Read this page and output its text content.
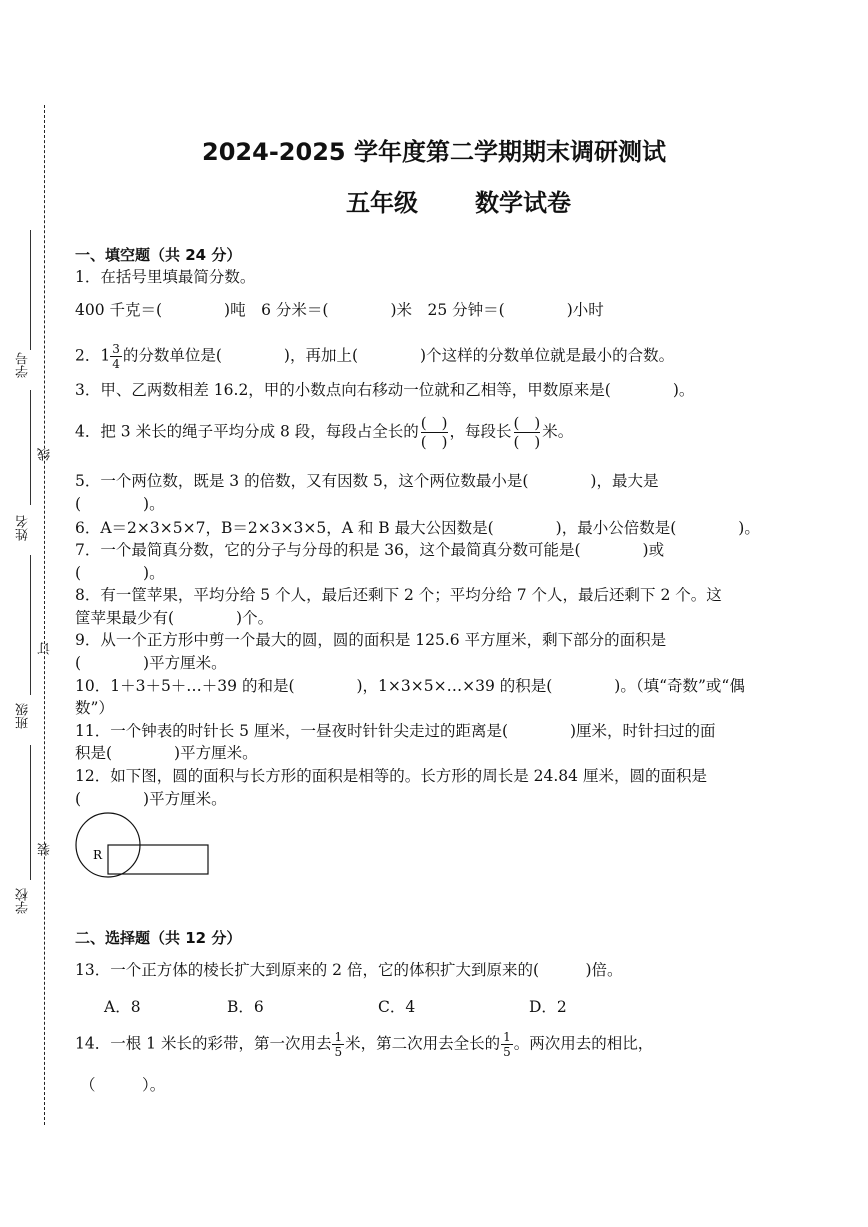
学号
姓名
班级
学校
线
订
装
2024-2025 学年度第二学期期末调研测试
五年级 数学试卷
一、填空题（共 24 分）
1．在括号里填最简分数。
400 千克＝(　　　　)吨　6 分米＝(　　　　)米　25 分钟＝(　　　　)小时
2．$1 \frac{3}{4}$ 的分数单位是(　　　　)，再加上(　　　　)个这样的分数单位就是最小的合数。
3．甲、乙两数相差 16.2，甲的小数点向右移动一位就和乙相等，甲数原来是(　　　　)。
4．把 3 米长的绳子平均分成 8 段，每段占全长的 (　)
(　)，每段长 (　)
(　)米。
5．一个两位数，既是 3 的倍数，又有因数 5，这个两位数最小是(　　　　)，最大是
(　　　　)。
6．A＝2×3×5×7，B＝2×3×3×5，A 和 B 最大公因数是(　　　　)，最小公倍数是(　　　　)。
7．一个最简真分数，它的分子与分母的积是 36，这个最简真分数可能是(　　　　)或
(　　　　)。
8．有一筐苹果，平均分给 5 个人，最后还剩下 2 个；平均分给 7 个人，最后还剩下 2 个。这
筐苹果最少有(　　　　)个。
9．从一个正方形中剪一个最大的圆，圆的面积是 125.6 平方厘米，剩下部分的面积是
(　　　　)平方厘米。
10．1＋3＋5＋…＋39 的和是(　　　　)，1×3×5×…×39 的积是(　　　　)。（填“奇数”或“偶
数”）
11．一个钟表的时针长 5 厘米，一昼夜时针针尖走过的距离是(　　　　)厘米，时针扫过的面
积是(　　　　)平方厘米。
12．如下图，圆的面积与长方形的面积是相等的。长方形的周长是 24.84 厘米，圆的面积是
(　　　　)平方厘米。
R
二、选择题（共 12 分）
13．一个正方体的棱长扩大到原来的 2 倍，它的体积扩大到原来的(　　　)倍。
A．8	B．6	C．4	D．2
14．一根 1 米长的彩带，第一次用去 $\frac{1}{5}$ 米，第二次用去全长的 $\frac{1}{5}$ 。两次用去的相比，
（　　　）。
